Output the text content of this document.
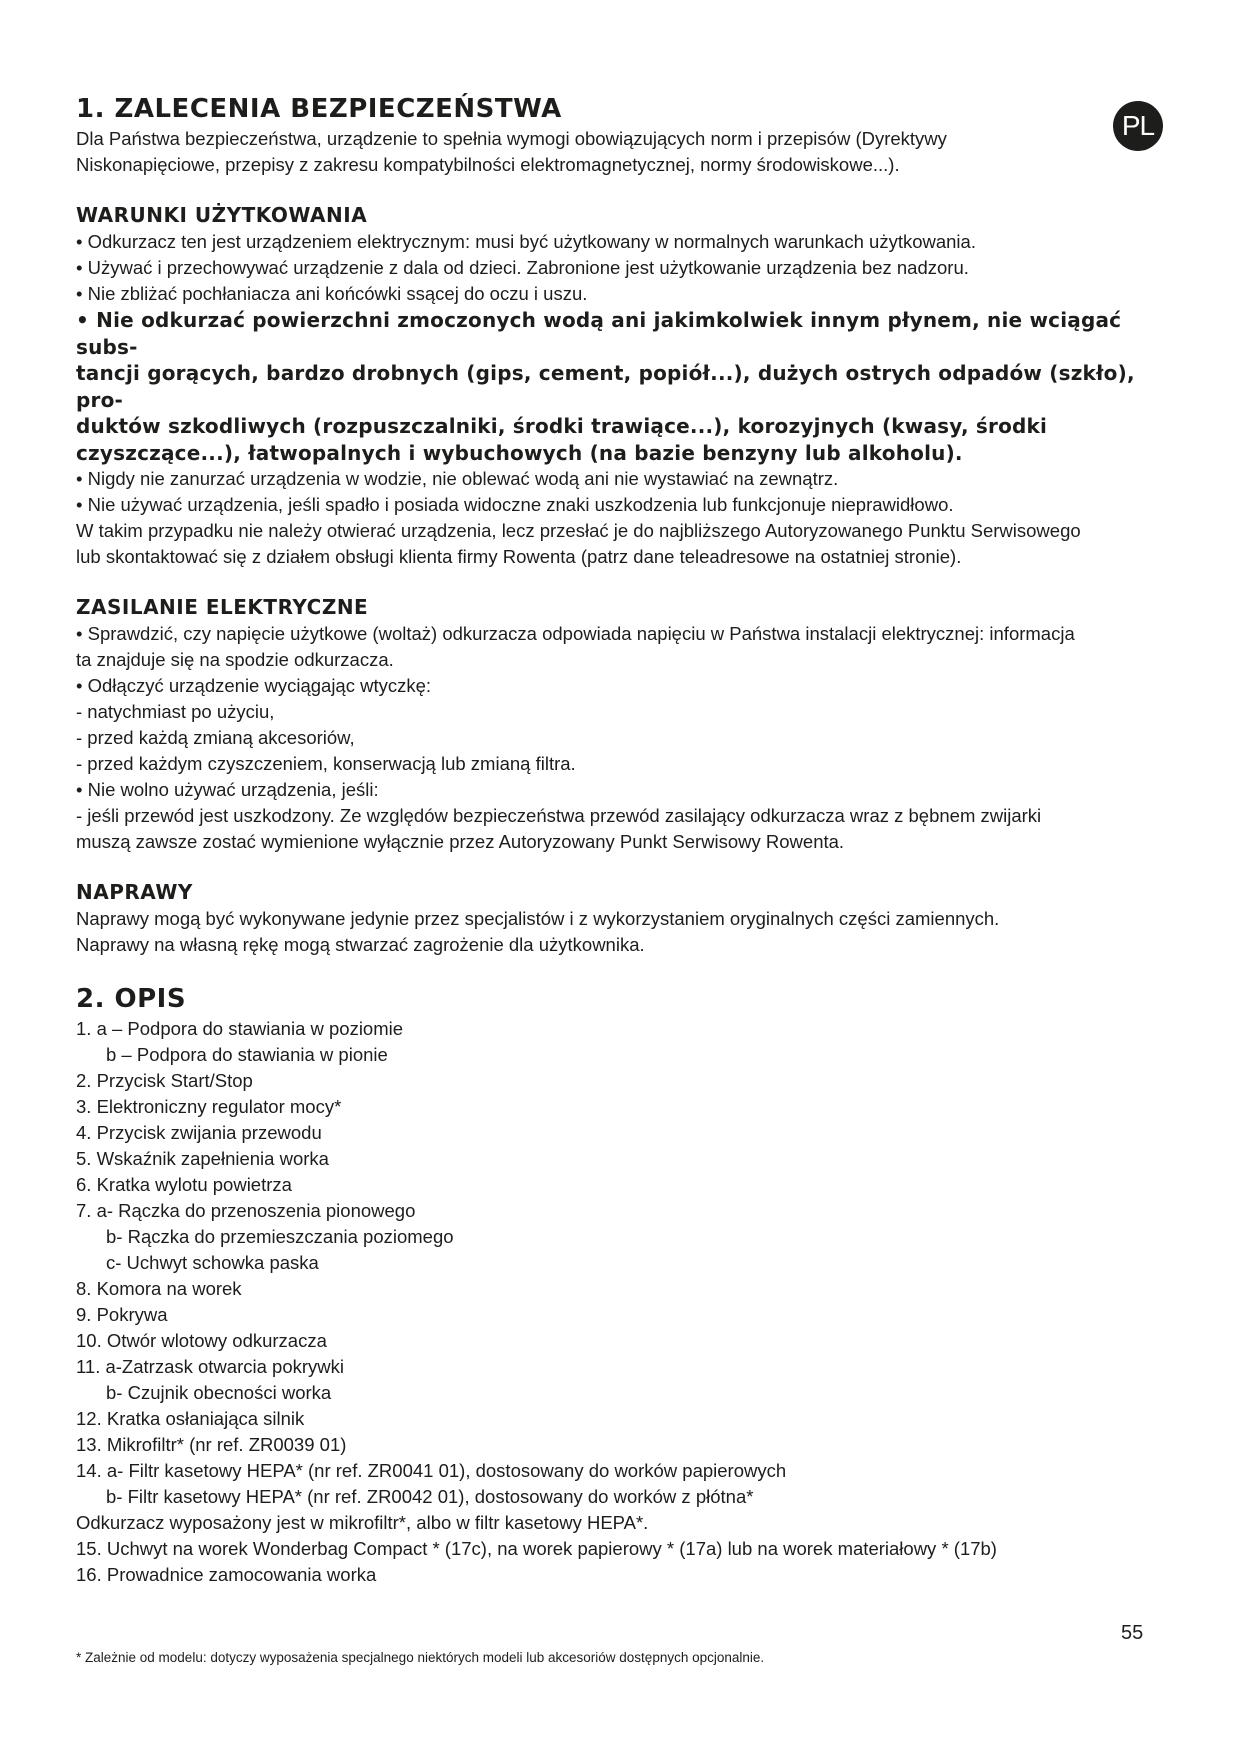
PL
1. ZALECENIA BEZPIECZEŃSTWA

Dla Państwa bezpieczeństwa, urządzenie to spełnia wymogi obowiązujących norm i przepisów (Dyrektywy

Niskonapięciowe, przepisy z zakresu kompatybilności elektromagnetycznej, normy środowiskowe...).

WARUNKI UŻYTKOWANIA

• Odkurzacz ten jest urządzeniem elektrycznym: musi być użytkowany w normalnych warunkach użytkowania.

• Używać i przechowywać urządzenie z dala od dzieci. Zabronione jest użytkowanie urządzenia bez nadzoru.

• Nie zbliżać pochłaniacza ani końcówki ssącej do oczu i uszu.

• Nie odkurzać powierzchni zmoczonych wodą ani jakimkolwiek innym płynem, nie wciągać subs-

tancji gorących, bardzo drobnych (gips, cement, popiół...), dużych ostrych odpadów (szkło), pro-

duktów szkodliwych (rozpuszczalniki, środki trawiące...), korozyjnych (kwasy, środki

czyszczące...), łatwopalnych i wybuchowych (na bazie benzyny lub alkoholu).

• Nigdy nie zanurzać urządzenia w wodzie, nie oblewać wodą ani nie wystawiać na zewnątrz.

• Nie używać urządzenia, jeśli spadło i posiada widoczne znaki uszkodzenia lub funkcjonuje nieprawidłowo.

W takim przypadku nie należy otwierać urządzenia, lecz przesłać je do najbliższego Autoryzowanego Punktu Serwisowego

lub skontaktować się z działem obsługi klienta firmy Rowenta (patrz dane teleadresowe na ostatniej stronie).

ZASILANIE ELEKTRYCZNE

• Sprawdzić, czy napięcie użytkowe (woltaż) odkurzacza odpowiada napięciu w Państwa instalacji elektrycznej: informacja

ta znajduje się na spodzie odkurzacza.

• Odłączyć urządzenie wyciągając wtyczkę:

- natychmiast po użyciu,

- przed każdą zmianą akcesoriów,

- przed każdym czyszczeniem, konserwacją lub zmianą filtra.

• Nie wolno używać urządzenia, jeśli:

- jeśli przewód jest uszkodzony. Ze względów bezpieczeństwa przewód zasilający odkurzacza wraz z bębnem zwijarki

muszą zawsze zostać wymienione wyłącznie przez Autoryzowany Punkt Serwisowy Rowenta.

NAPRAWY

Naprawy mogą być wykonywane jedynie przez specjalistów i z wykorzystaniem oryginalnych części zamiennych.

Naprawy na własną rękę mogą stwarzać zagrożenie dla użytkownika.

2. OPIS

1. a – Podpora do stawiania w poziomie

b – Podpora do stawiania w pionie

2. Przycisk Start/Stop

3. Elektroniczny regulator mocy*

4. Przycisk zwijania przewodu

5. Wskaźnik zapełnienia worka

6. Kratka wylotu powietrza

7. a- Rączka do przenoszenia pionowego

b- Rączka do przemieszczania poziomego

c- Uchwyt schowka paska

8. Komora na worek

9. Pokrywa

10. Otwór wlotowy odkurzacza

11. a-Zatrzask otwarcia pokrywki

b- Czujnik obecności worka

12. Kratka osłaniająca silnik

13. Mikrofiltr* (nr ref. ZR0039 01)

14. a- Filtr kasetowy HEPA* (nr ref. ZR0041 01), dostosowany do worków papierowych

b- Filtr kasetowy HEPA* (nr ref. ZR0042 01), dostosowany do worków z płótna*

Odkurzacz wyposażony jest w mikrofiltr*, albo w filtr kasetowy HEPA*.

15. Uchwyt na worek Wonderbag Compact * (17c), na worek papierowy * (17a) lub na worek materiałowy * (17b)

16. Prowadnice zamocowania worka

55
* Zależnie od modelu: dotyczy wyposażenia specjalnego niektórych modeli lub akcesoriów dostępnych opcjonalnie.
